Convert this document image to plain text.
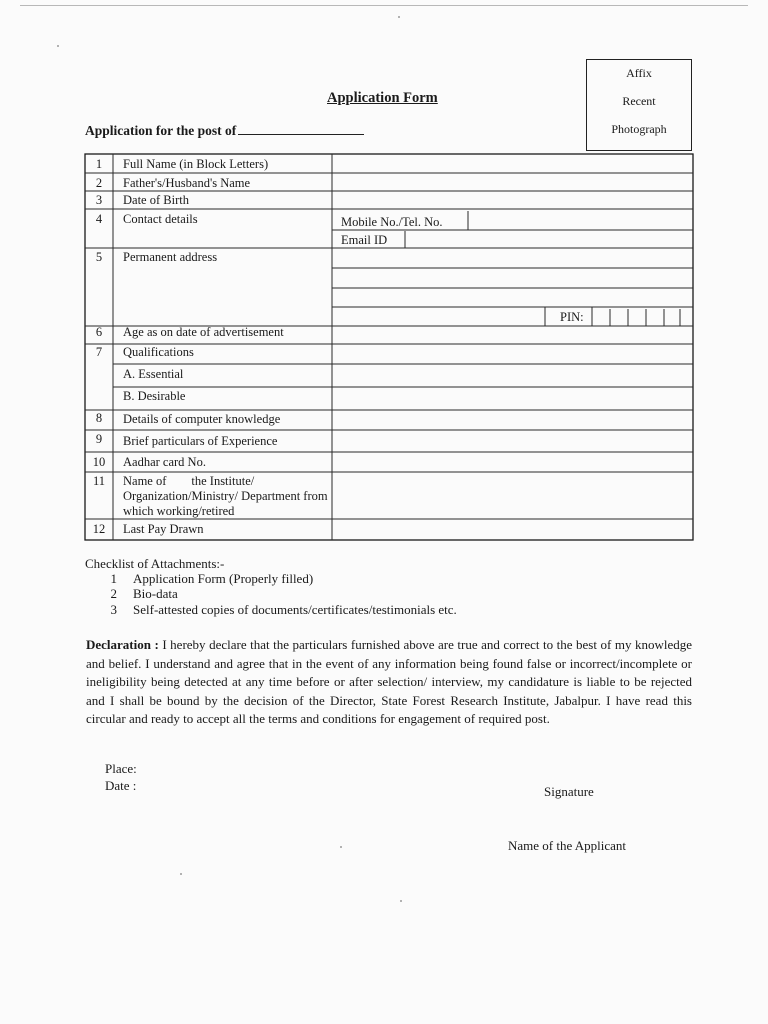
Affix
Recent
Photograph
Application Form
Application for the post of
1	Full Name (in Block Letters)
2	Father's/Husband's Name
3	Date of Birth
4	Contact details	Mobile No./Tel. No.
Email ID
5	Permanent address
PIN:
6	Age as on date of advertisement
7	Qualifications
A. Essential
B. Desirable
8	Details of computer knowledge
9	Brief particulars of Experience
10	Aadhar card No.
11	Name of        the Institute/ Organization/Ministry/ Department from which working/retired
12	Last Pay Drawn
Checklist of Attachments:-
1 Application Form (Properly filled)
2 Bio-data
3 Self-attested copies of documents/certificates/testimonials etc.
Declaration : I hereby declare that the particulars furnished above are true and correct to the best of my knowledge and belief. I understand and agree that in the event of any information being found false or incorrect/incomplete or ineligibility being detected at any time before or after selection/ interview, my candidature is liable to be rejected and I shall be bound by the decision of the Director, State Forest Research Institute, Jabalpur. I have read this circular and ready to accept all the terms and conditions for engagement of required post.
Place:
Date :	Signature
Name of the Applicant
